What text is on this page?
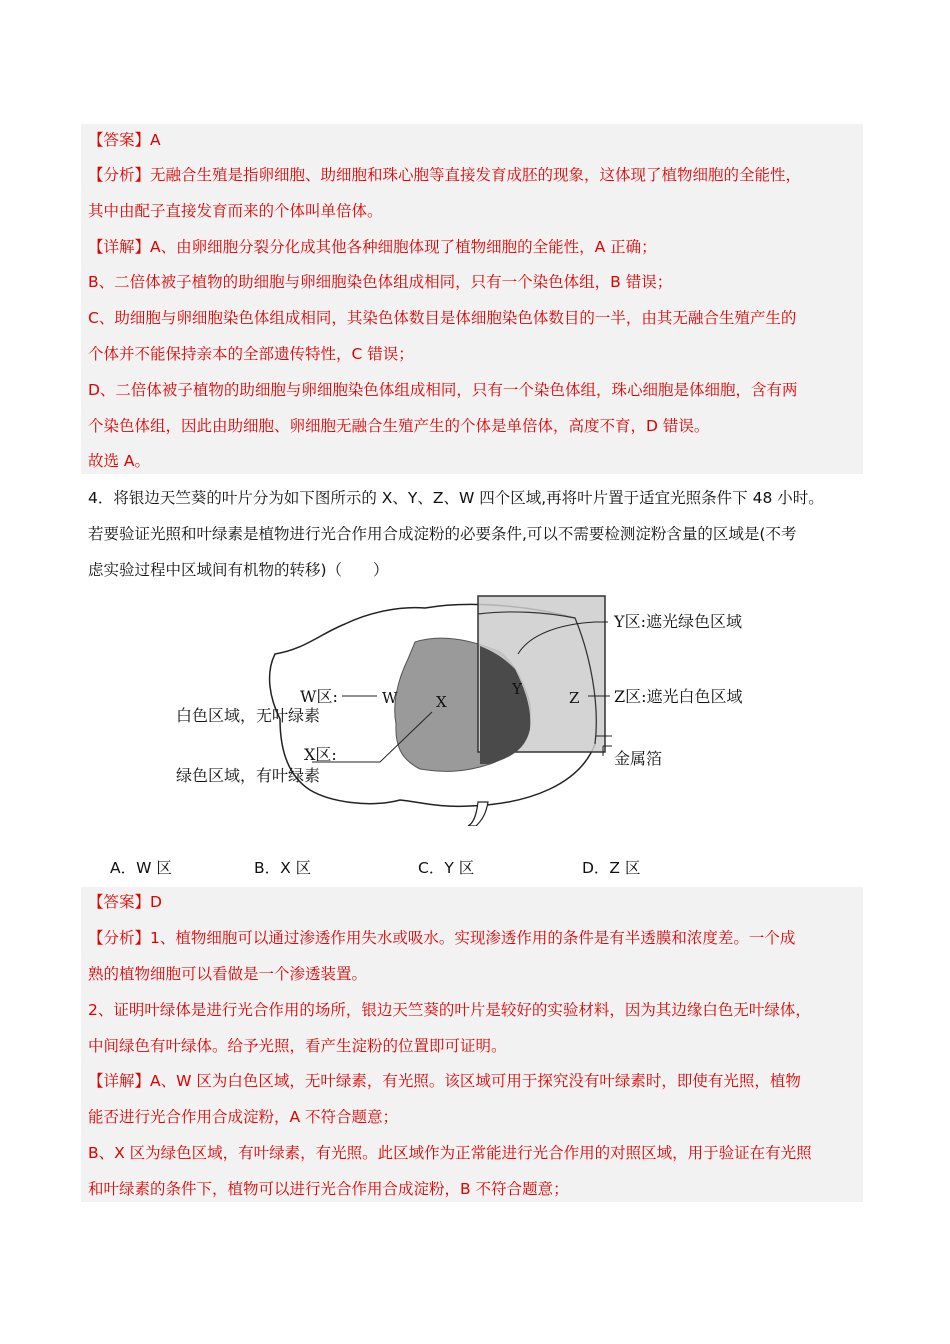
【答案】A
【分析】无融合生殖是指卵细胞、助细胞和珠心胞等直接发育成胚的现象，这体现了植物细胞的全能性，
其中由配子直接发育而来的个体叫单倍体。
【详解】A、由卵细胞分裂分化成其他各种细胞体现了植物细胞的全能性，A 正确；
B、二倍体被子植物的助细胞与卵细胞染色体组成相同，只有一个染色体组，B 错误；
C、助细胞与卵细胞染色体组成相同，其染色体数目是体细胞染色体数目的一半，由其无融合生殖产生的
个体并不能保持亲本的全部遗传特性，C 错误；
D、二倍体被子植物的助细胞与卵细胞染色体组成相同，只有一个染色体组，珠心细胞是体细胞，含有两
个染色体组，因此由助细胞、卵细胞无融合生殖产生的个体是单倍体，高度不育，D 错误。
故选 A。
4．将银边天竺葵的叶片分为如下图所示的 X、Y、Z、W 四个区域,再将叶片置于适宜光照条件下 48 小时。
若要验证光照和叶绿素是植物进行光合作用合成淀粉的必要条件,可以不需要检测淀粉含量的区域是(不考
虑实验过程中区域间有机物的转移)（　　）
W	X
Y	Z
W区:
白色区域，无叶绿素
X区:
绿色区域，有叶绿素
Y区:遮光绿色区域
Z区:遮光白色区域
金属箔
A．W 区	B．X 区	C．Y 区	D．Z 区
【答案】D
【分析】1、植物细胞可以通过渗透作用失水或吸水。实现渗透作用的条件是有半透膜和浓度差。一个成
熟的植物细胞可以看做是一个渗透装置。
2、证明叶绿体是进行光合作用的场所，银边天竺葵的叶片是较好的实验材料，因为其边缘白色无叶绿体，
中间绿色有叶绿体。给予光照，看产生淀粉的位置即可证明。
【详解】A、W 区为白色区域，无叶绿素，有光照。该区域可用于探究没有叶绿素时，即使有光照，植物
能否进行光合作用合成淀粉，A 不符合题意；
B、X 区为绿色区域，有叶绿素，有光照。此区域作为正常能进行光合作用的对照区域，用于验证在有光照
和叶绿素的条件下，植物可以进行光合作用合成淀粉，B 不符合题意；
